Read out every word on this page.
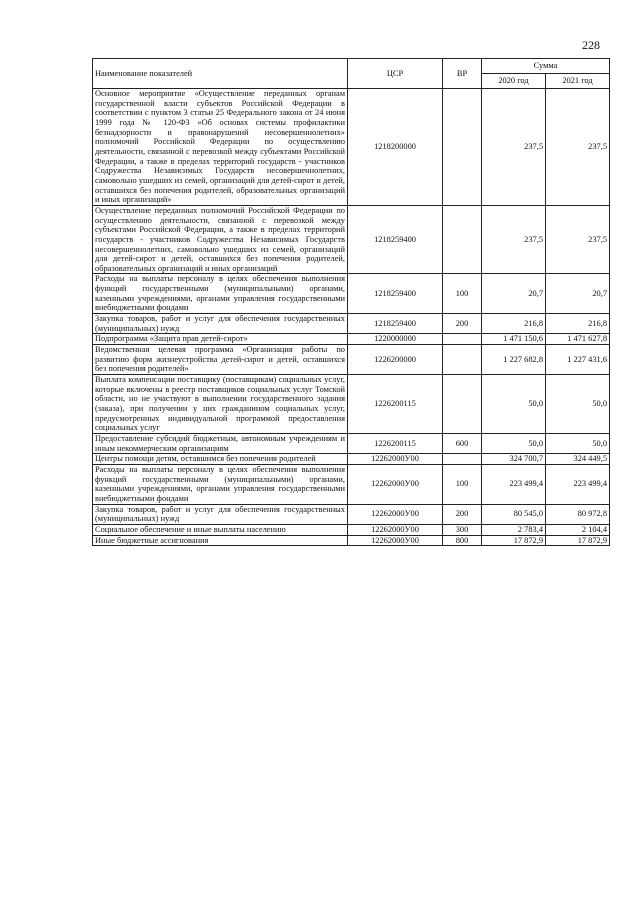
228
Наименование показателей	ЦСР	ВР	Сумма	
			2020 год	2021 год
Основное мероприятие «Осуществление переданных органам государственной власти субъектов Российской Федерации в соответствии с пунктом 3 статьи 25 Федерального закона от 24 июня 1999 года № 120-ФЗ «Об основах системы профилактики безнадзорности и правонарушений несовершеннолетних» полномочий Российской Федерации по осуществлению деятельности, связанной с перевозкой между субъектами Российской Федерации, а также в пределах территорий государств - участников Содружества Независимых Государств несовершеннолетних, самовольно ушедших из семей, организаций для детей-сирот и детей, оставшихся без попечения родителей, образовательных организаций и иных организаций»	1218200000		237,5	237,5
Осуществление переданных полномочий Российской Федерации по осуществлению деятельности, связанной с перевозкой между субъектами Российской Федерации, а также в пределах территорий государств - участников Содружества Независимых Государств несовершеннолетних, самовольно ушедших из семей, организаций для детей-сирот и детей, оставшихся без попечения родителей, образовательных организаций и иных организаций	1218259400		237,5	237,5
Расходы на выплаты персоналу в целях обеспечения выполнения функций государственными (муниципальными) органами, казенными учреждениями, органами управления государственными внебюджетными фондами	1218259400	100	20,7	20,7
Закупка товаров, работ и услуг для обеспечения государственных (муниципальных) нужд	1218259400	200	216,8	216,8
Подпрограмма «Защита прав детей-сирот»	1220000000		1 471 150,6	1 471 627,8
Ведомственная целевая программа «Организация работы по развитию форм жизнеустройства детей-сирот и детей, оставшихся без попечения родителей»	1226200000		1 227 682,8	1 227 431,6
Выплата компенсации поставщику (поставщикам) социальных услуг, которые включены в реестр поставщиков социальных услуг Томской области, но не участвуют в выполнении государственного задания (заказа), при получении у них гражданином социальных услуг, предусмотренных индивидуальной программой предоставления социальных услуг	1226200115		50,0	50,0
Предоставление субсидий бюджетным, автономным учреждениям и иным некоммерческим организациям	1226200115	600	50,0	50,0
Центры помощи детям, оставшимся без попечения родителей	12262000У00		324 700,7	324 449,5
Расходы на выплаты персоналу в целях обеспечения выполнения функций государственными (муниципальными) органами, казенными учреждениями, органами управления государственными внебюджетными фондами	12262000У00	100	223 499,4	223 499,4
Закупка товаров, работ и услуг для обеспечения государственных (муниципальных) нужд	12262000У00	200	80 545,0	80 972,8
Социальное обеспечение и иные выплаты населению	12262000У00	300	2 783,4	2 104,4
Иные бюджетные ассигнования	12262000У00	800	17 872,9	17 872,9
